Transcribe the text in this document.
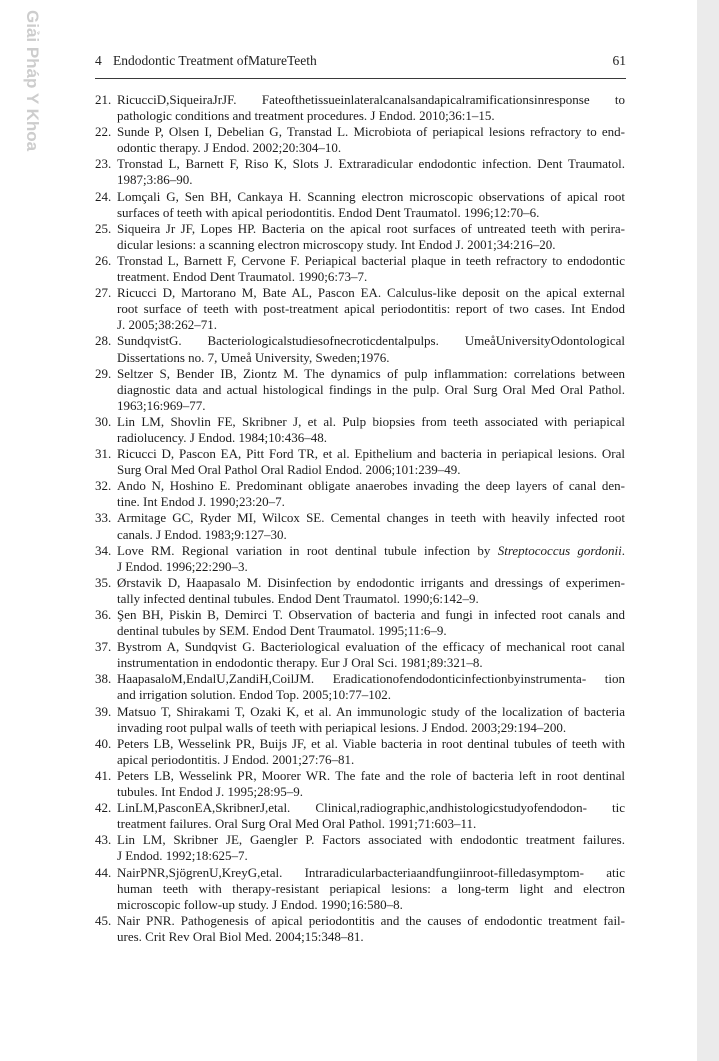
Giải Pháp Y Khoa	4 Endodontic Treatment ofMatureTeeth	61
21. RicucciD,SiqueiraJrJF. Fateofthetissueinlateralcanalsandapicalramificationsinresponse to
pathologic conditions and treatment procedures. J Endod. 2010;36:1–15.
22. Sunde P, Olsen I, Debelian G, Transtad L. Microbiota of periapical lesions refractory to end-
odontic therapy. J Endod. 2002;20:304–10.
23. Tronstad L, Barnett F, Riso K, Slots J. Extraradicular endodontic infection. Dent Traumatol.
1987;3:86–90.
24. Lomçali G, Sen BH, Cankaya H. Scanning electron microscopic observations of apical root
surfaces of teeth with apical periodontitis. Endod Dent Traumatol. 1996;12:70–6.
25. Siqueira Jr JF, Lopes HP. Bacteria on the apical root surfaces of untreated teeth with perira-
dicular lesions: a scanning electron microscopy study. Int Endod J. 2001;34:216–20.
26. Tronstad L, Barnett F, Cervone F. Periapical bacterial plaque in teeth refractory to endodontic
treatment. Endod Dent Traumatol. 1990;6:73–7.
27. Ricucci D, Martorano M, Bate AL, Pascon EA. Calculus-like deposit on the apical external
root surface of teeth with post-treatment apical periodontitis: report of two cases. Int Endod
J. 2005;38:262–71.
28. SundqvistG. Bacteriologicalstudiesofnecroticdentalpulps. UmeåUniversityOdontological
Dissertations no. 7, Umeå University, Sweden;1976.
29. Seltzer S, Bender IB, Ziontz M. The dynamics of pulp inflammation: correlations between
diagnostic data and actual histological findings in the pulp. Oral Surg Oral Med Oral Pathol.
1963;16:969–77.
30. Lin LM, Shovlin FE, Skribner J, et al. Pulp biopsies from teeth associated with periapical
radiolucency. J Endod. 1984;10:436–48.
31. Ricucci D, Pascon EA, Pitt Ford TR, et al. Epithelium and bacteria in periapical lesions. Oral
Surg Oral Med Oral Pathol Oral Radiol Endod. 2006;101:239–49.
32. Ando N, Hoshino E. Predominant obligate anaerobes invading the deep layers of canal den-
tine. Int Endod J. 1990;23:20–7.
33. Armitage GC, Ryder MI, Wilcox SE. Cemental changes in teeth with heavily infected root
canals. J Endod. 1983;9:127–30.
34. Love RM. Regional variation in root dentinal tubule infection by Streptococcus gordonii.
J Endod. 1996;22:290–3.
35. Ørstavik D, Haapasalo M. Disinfection by endodontic irrigants and dressings of experimen-
tally infected dentinal tubules. Endod Dent Traumatol. 1990;6:142–9.
36. Şen BH, Piskin B, Demirci T. Observation of bacteria and fungi in infected root canals and
dentinal tubules by SEM. Endod Dent Traumatol. 1995;11:6–9.
37. Bystrom A, Sundqvist G. Bacteriological evaluation of the efficacy of mechanical root canal
instrumentation in endodontic therapy. Eur J Oral Sci. 1981;89:321–8.
38. HaapasaloM,EndalU,ZandiH,CoilJM. Eradicationofendodonticinfectionbyinstrumenta- tion
and irrigation solution. Endod Top. 2005;10:77–102.
39. Matsuo T, Shirakami T, Ozaki K, et al. An immunologic study of the localization of bacteria
invading root pulpal walls of teeth with periapical lesions. J Endod. 2003;29:194–200.
40. Peters LB, Wesselink PR, Buijs JF, et al. Viable bacteria in root dentinal tubules of teeth with
apical periodontitis. J Endod. 2001;27:76–81.
41. Peters LB, Wesselink PR, Moorer WR. The fate and the role of bacteria left in root dentinal
tubules. Int Endod J. 1995;28:95–9.
42. LinLM,PasconEA,SkribnerJ,etal. Clinical,radiographic,andhistologicstudyofendodon- tic
treatment failures. Oral Surg Oral Med Oral Pathol. 1991;71:603–11.
43. Lin LM, Skribner JE, Gaengler P. Factors associated with endodontic treatment failures.
J Endod. 1992;18:625–7.
44. NairPNR,SjögrenU,KreyG,etal. Intraradicularbacteriaandfungiinroot-filledasymptom- atic
human teeth with therapy-resistant periapical lesions: a long-term light and electron
microscopic follow-up study. J Endod. 1990;16:580–8.
45. Nair PNR. Pathogenesis of apical periodontitis and the causes of endodontic treatment fail-
ures. Crit Rev Oral Biol Med. 2004;15:348–81.
